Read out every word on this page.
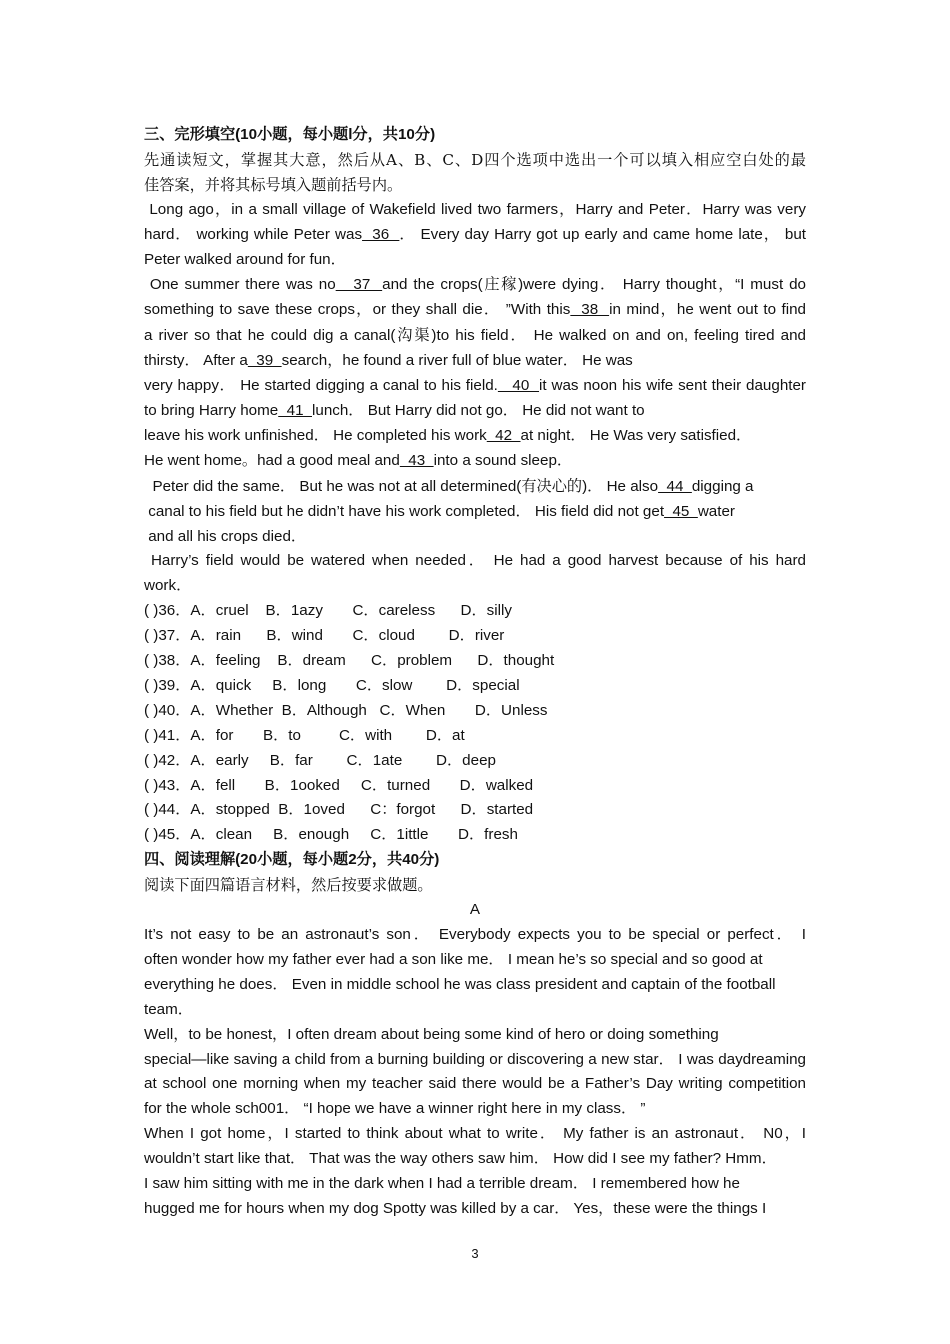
三、完形填空(10小题，每小题l分，共10分)
先通读短文，掌握其大意，然后从A、B、C、D四个选项中选出一个可以填入相应空白处的最
佳答案，并将其标号填入题前括号内。
Long ago，in a small village of Wakefield lived two farmers，Harry and Peter．Harry was very
hard． working while Peter was  36  ． Every day Harry got up early and came home late， but
Peter walked around for fun．
One summer there was no   37  and the crops(庄稼)were dying． Harry thought，“I must do
something to save these crops，or they shall die． ”With this  38  in mind，he went out to find
a river so that he could dig a canal(沟渠)to his field． He walked on and on, feeling tired and
thirsty． After a  39  search，he found a river full of blue water． He was
very happy． He started digging a canal to his field.   40  it was noon his wife sent their daughter
to bring Harry home  41  lunch． But Harry did not go． He did not want to
leave his work unfinished． He completed his work  42  at night． He Was very satisfied．
He went home。had a good meal and  43  into a sound sleep．
Peter did the same． But he was not at all determined(有决心的)． He also  44  digging a
canal to his field but he didn’t have his work completed． His field did not get  45  water
and all his crops died．
Harry’s field would be watered when needed． He had a good harvest because of his hard
work．
( )36．A．cruel    B．1azy       C．careless      D．silly
( )37．A．rain      B．wind       C．cloud        D．river
( )38．A．feeling    B．dream      C．problem      D．thought
( )39．A．quick     B．long       C．slow        D．special
( )40．A．Whether  B．Although   C．When       D．Unless
( )41．A．for       B．to         C．with        D．at
( )42．A．early     B．far        C．1ate        D．deep
( )43．A．fell       B．1ooked     C．turned       D．walked
( )44．A．stopped  B．1oved      C：forgot      D．started
( )45．A．clean     B．enough     C．1ittle       D．fresh
四、阅读理解(20小题，每小题2分，共40分)
阅读下面四篇语言材料，然后按要求做题。
A
It’s not easy to be an astronaut’s son． Everybody expects you to be special or perfect． I
often wonder how my father ever had a son like me． I mean he’s so special and so good at
everything he does． Even in middle school he was class president and captain of the football
team．
Well，to be honest，I often dream about being some kind of hero or doing something
special—like saving a child from a burning building or discovering a new star． I was daydreaming
at school one morning when my teacher said there would be a Father’s Day writing competition
for the whole sch001． “I hope we have a winner right here in my class． ”
When I got home，I started to think about what to write． My father is an astronaut． N0，I
wouldn’t start like that． That was the way others saw him． How did I see my father? Hmm．
I saw him sitting with me in the dark when I had a terrible dream． I remembered how he
hugged me for hours when my dog Spotty was killed by a car． Yes，these were the things I
3
